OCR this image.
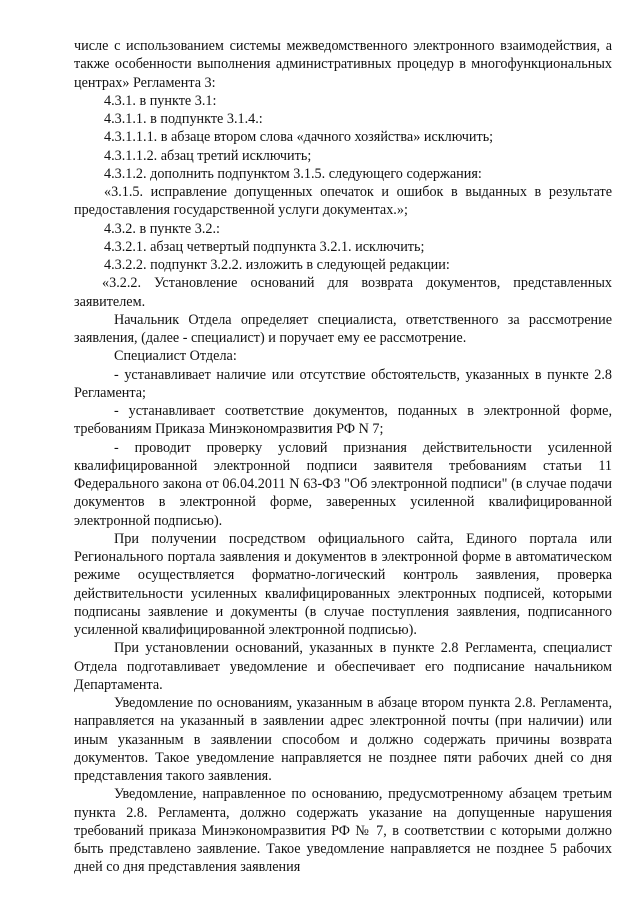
числе с использованием системы межведомственного электронного взаимодействия, а также особенности выполнения административных процедур в многофункциональных центрах» Регламента 3:

4.3.1. в пункте 3.1:

4.3.1.1. в подпункте 3.1.4.:

4.3.1.1.1. в абзаце втором слова «дачного хозяйства» исключить;

4.3.1.1.2. абзац третий исключить;

4.3.1.2. дополнить подпунктом 3.1.5. следующего содержания:

«3.1.5. исправление допущенных опечаток и ошибок в выданных в результате предоставления государственной услуги документах.»;

4.3.2. в пункте 3.2.:

4.3.2.1. абзац четвертый подпункта 3.2.1. исключить;

4.3.2.2. подпункт 3.2.2. изложить в следующей редакции:

«3.2.2. Установление оснований для возврата документов, представленных заявителем.

Начальник Отдела определяет специалиста, ответственного за рассмотрение заявления, (далее - специалист) и поручает ему ее рассмотрение.

Специалист Отдела:

- устанавливает наличие или отсутствие обстоятельств, указанных в пункте 2.8 Регламента;

- устанавливает соответствие документов, поданных в электронной форме, требованиям Приказа Минэкономразвития РФ N 7;

- проводит проверку условий признания действительности усиленной квалифицированной электронной подписи заявителя требованиям статьи 11 Федерального закона от 06.04.2011 N 63-ФЗ "Об электронной подписи" (в случае подачи документов в электронной форме, заверенных усиленной квалифицированной электронной подписью).

При получении посредством официального сайта, Единого портала или Регионального портала заявления и документов в электронной форме в автоматическом режиме осуществляется форматно-логический контроль заявления, проверка действительности усиленных квалифицированных электронных подписей, которыми подписаны заявление и документы (в случае поступления заявления, подписанного усиленной квалифицированной электронной подписью).

При установлении оснований, указанных в пункте 2.8 Регламента, специалист Отдела подготавливает уведомление и обеспечивает его подписание начальником Департамента.

Уведомление по основаниям, указанным в абзаце втором пункта 2.8. Регламента, направляется на указанный в заявлении адрес электронной почты (при наличии) или иным указанным в заявлении способом и должно содержать причины возврата документов. Такое уведомление направляется не позднее пяти рабочих дней со дня представления такого заявления.

Уведомление, направленное по основанию, предусмотренному абзацем третьим пункта 2.8. Регламента, должно содержать указание на допущенные нарушения требований приказа Минэкономразвития РФ № 7, в соответствии с которыми должно быть представлено заявление. Такое уведомление направляется не позднее 5 рабочих дней со дня представления заявления
